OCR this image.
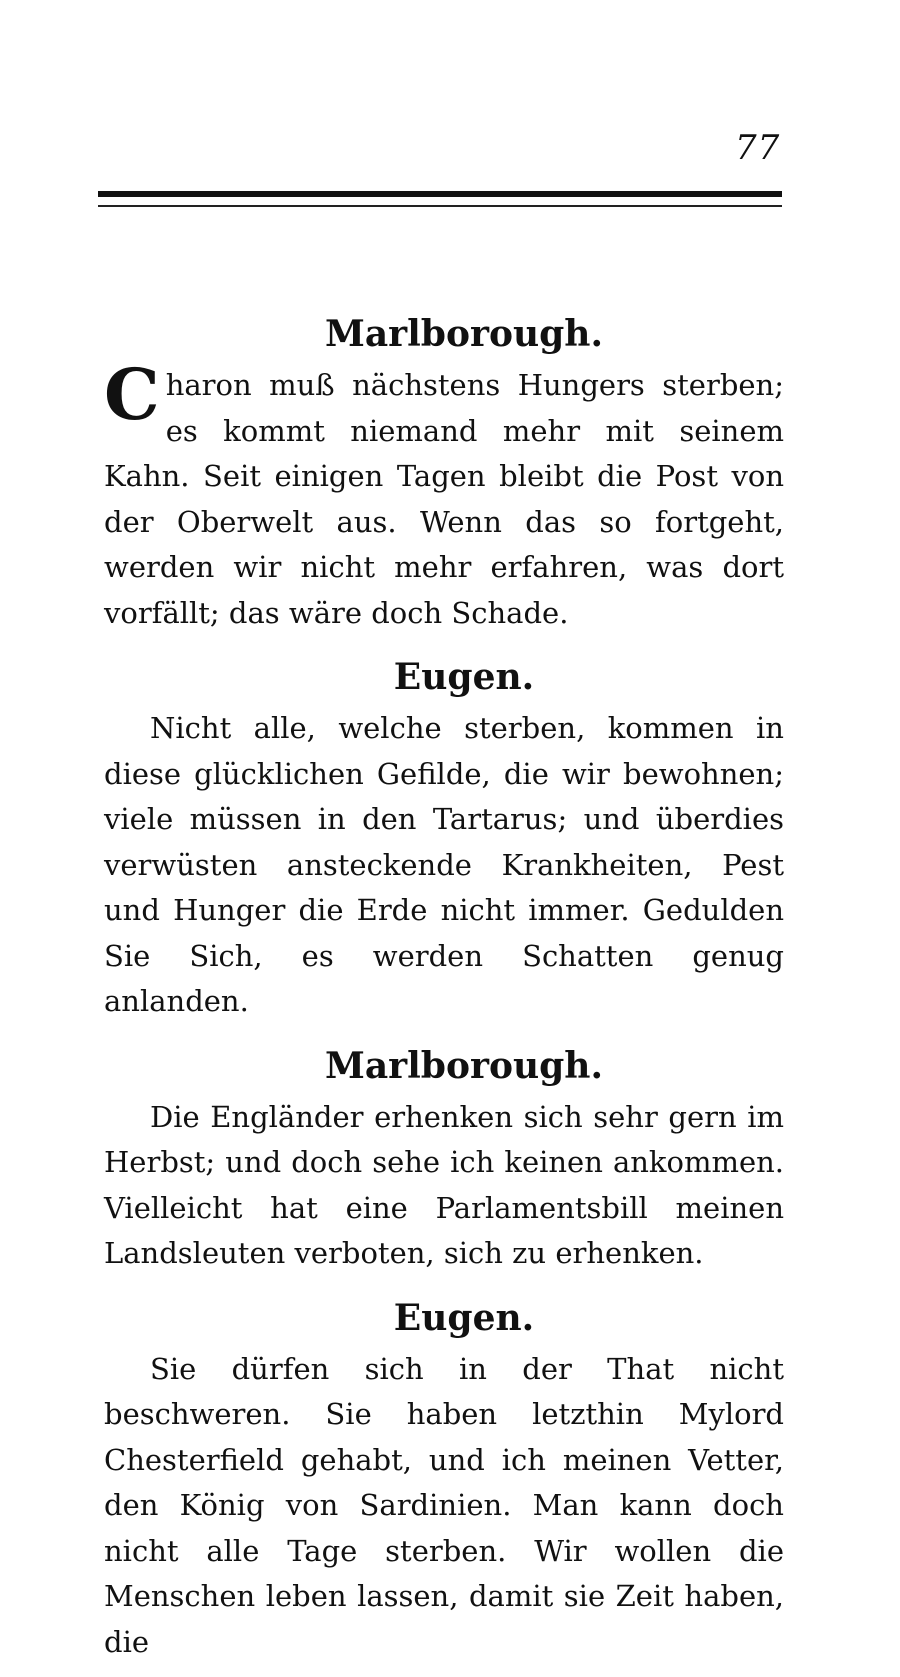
77

Marlborough.

Charon muß nächstens Hungers sterben; es kommt niemand mehr mit seinem Kahn. Seit einigen Tagen bleibt die Post von der Oberwelt aus. Wenn das so fortgeht, werden wir nicht mehr erfahren, was dort vorfällt; das wäre doch Schade.

Eugen.

Nicht alle, welche sterben, kommen in diese glücklichen Gefilde, die wir bewohnen; viele müssen in den Tartarus; und überdies verwüsten ansteckende Krankheiten, Pest und Hunger die Erde nicht immer. Gedulden Sie Sich, es werden Schatten genug anlanden.

Marlborough.

Die Engländer erhenken sich sehr gern im Herbst; und doch sehe ich keinen ankommen. Vielleicht hat eine Parlamentsbill meinen Landsleuten verboten, sich zu erhenken.

Eugen.

Sie dürfen sich in der That nicht beschweren. Sie haben letzthin Mylord Chesterfield gehabt, und ich meinen Vetter, den König von Sardinien. Man kann doch nicht alle Tage sterben. Wir wollen die Menschen leben lassen, damit sie Zeit haben, die
